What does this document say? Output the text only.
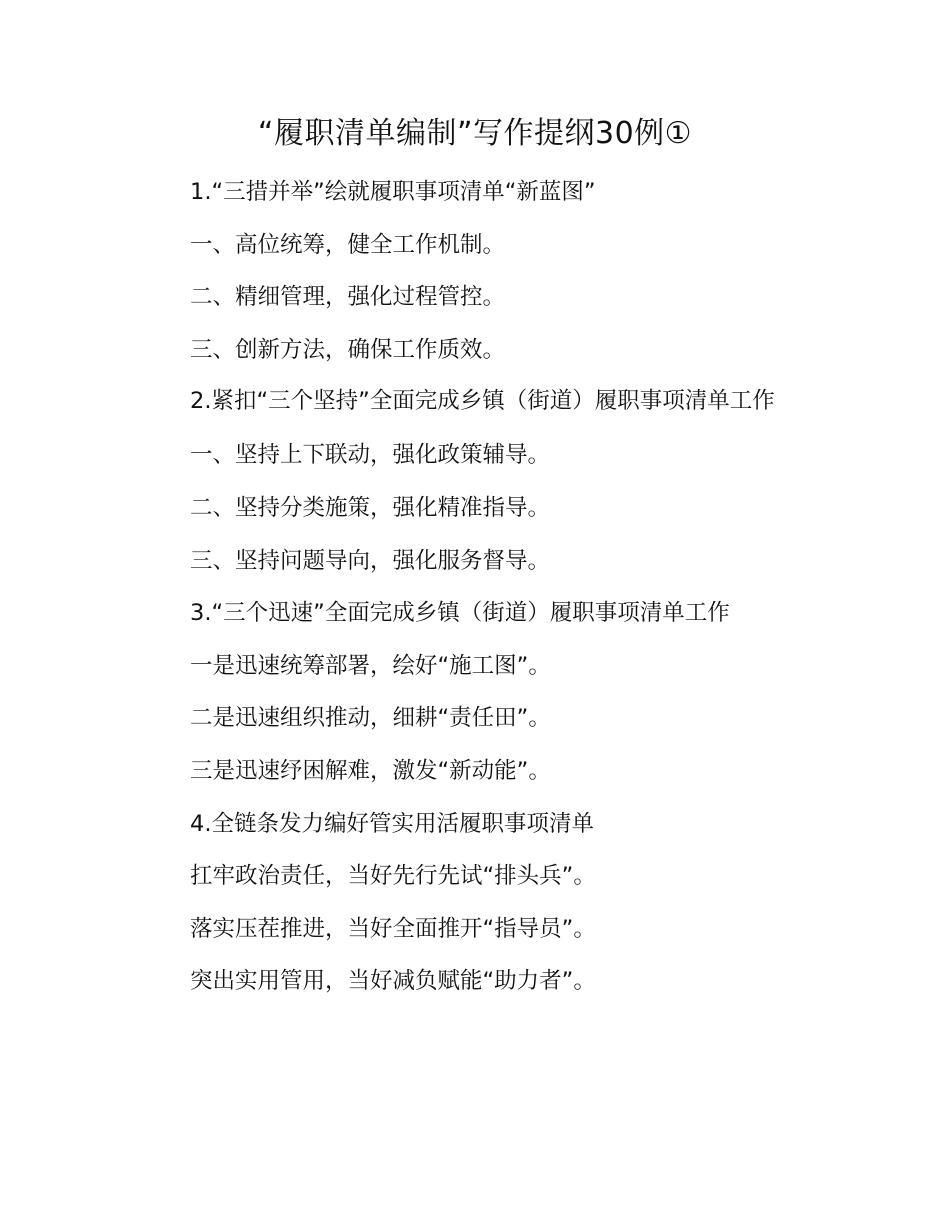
“履职清单编制”写作提纲30例①

1.“三措并举”绘就履职事项清单“新蓝图”

一、高位统筹，健全工作机制。

二、精细管理，强化过程管控。

三、创新方法，确保工作质效。

2.紧扣“三个坚持”全面完成乡镇（街道）履职事项清单工作

一、坚持上下联动，强化政策辅导。

二、坚持分类施策，强化精准指导。

三、坚持问题导向，强化服务督导。

3.“三个迅速”全面完成乡镇（街道）履职事项清单工作

一是迅速统筹部署，绘好“施工图”。

二是迅速组织推动，细耕“责任田”。

三是迅速纾困解难，激发“新动能”。

4.全链条发力编好管实用活履职事项清单

扛牢政治责任，当好先行先试“排头兵”。

落实压茬推进，当好全面推开“指导员”。

突出实用管用，当好减负赋能“助力者”。
